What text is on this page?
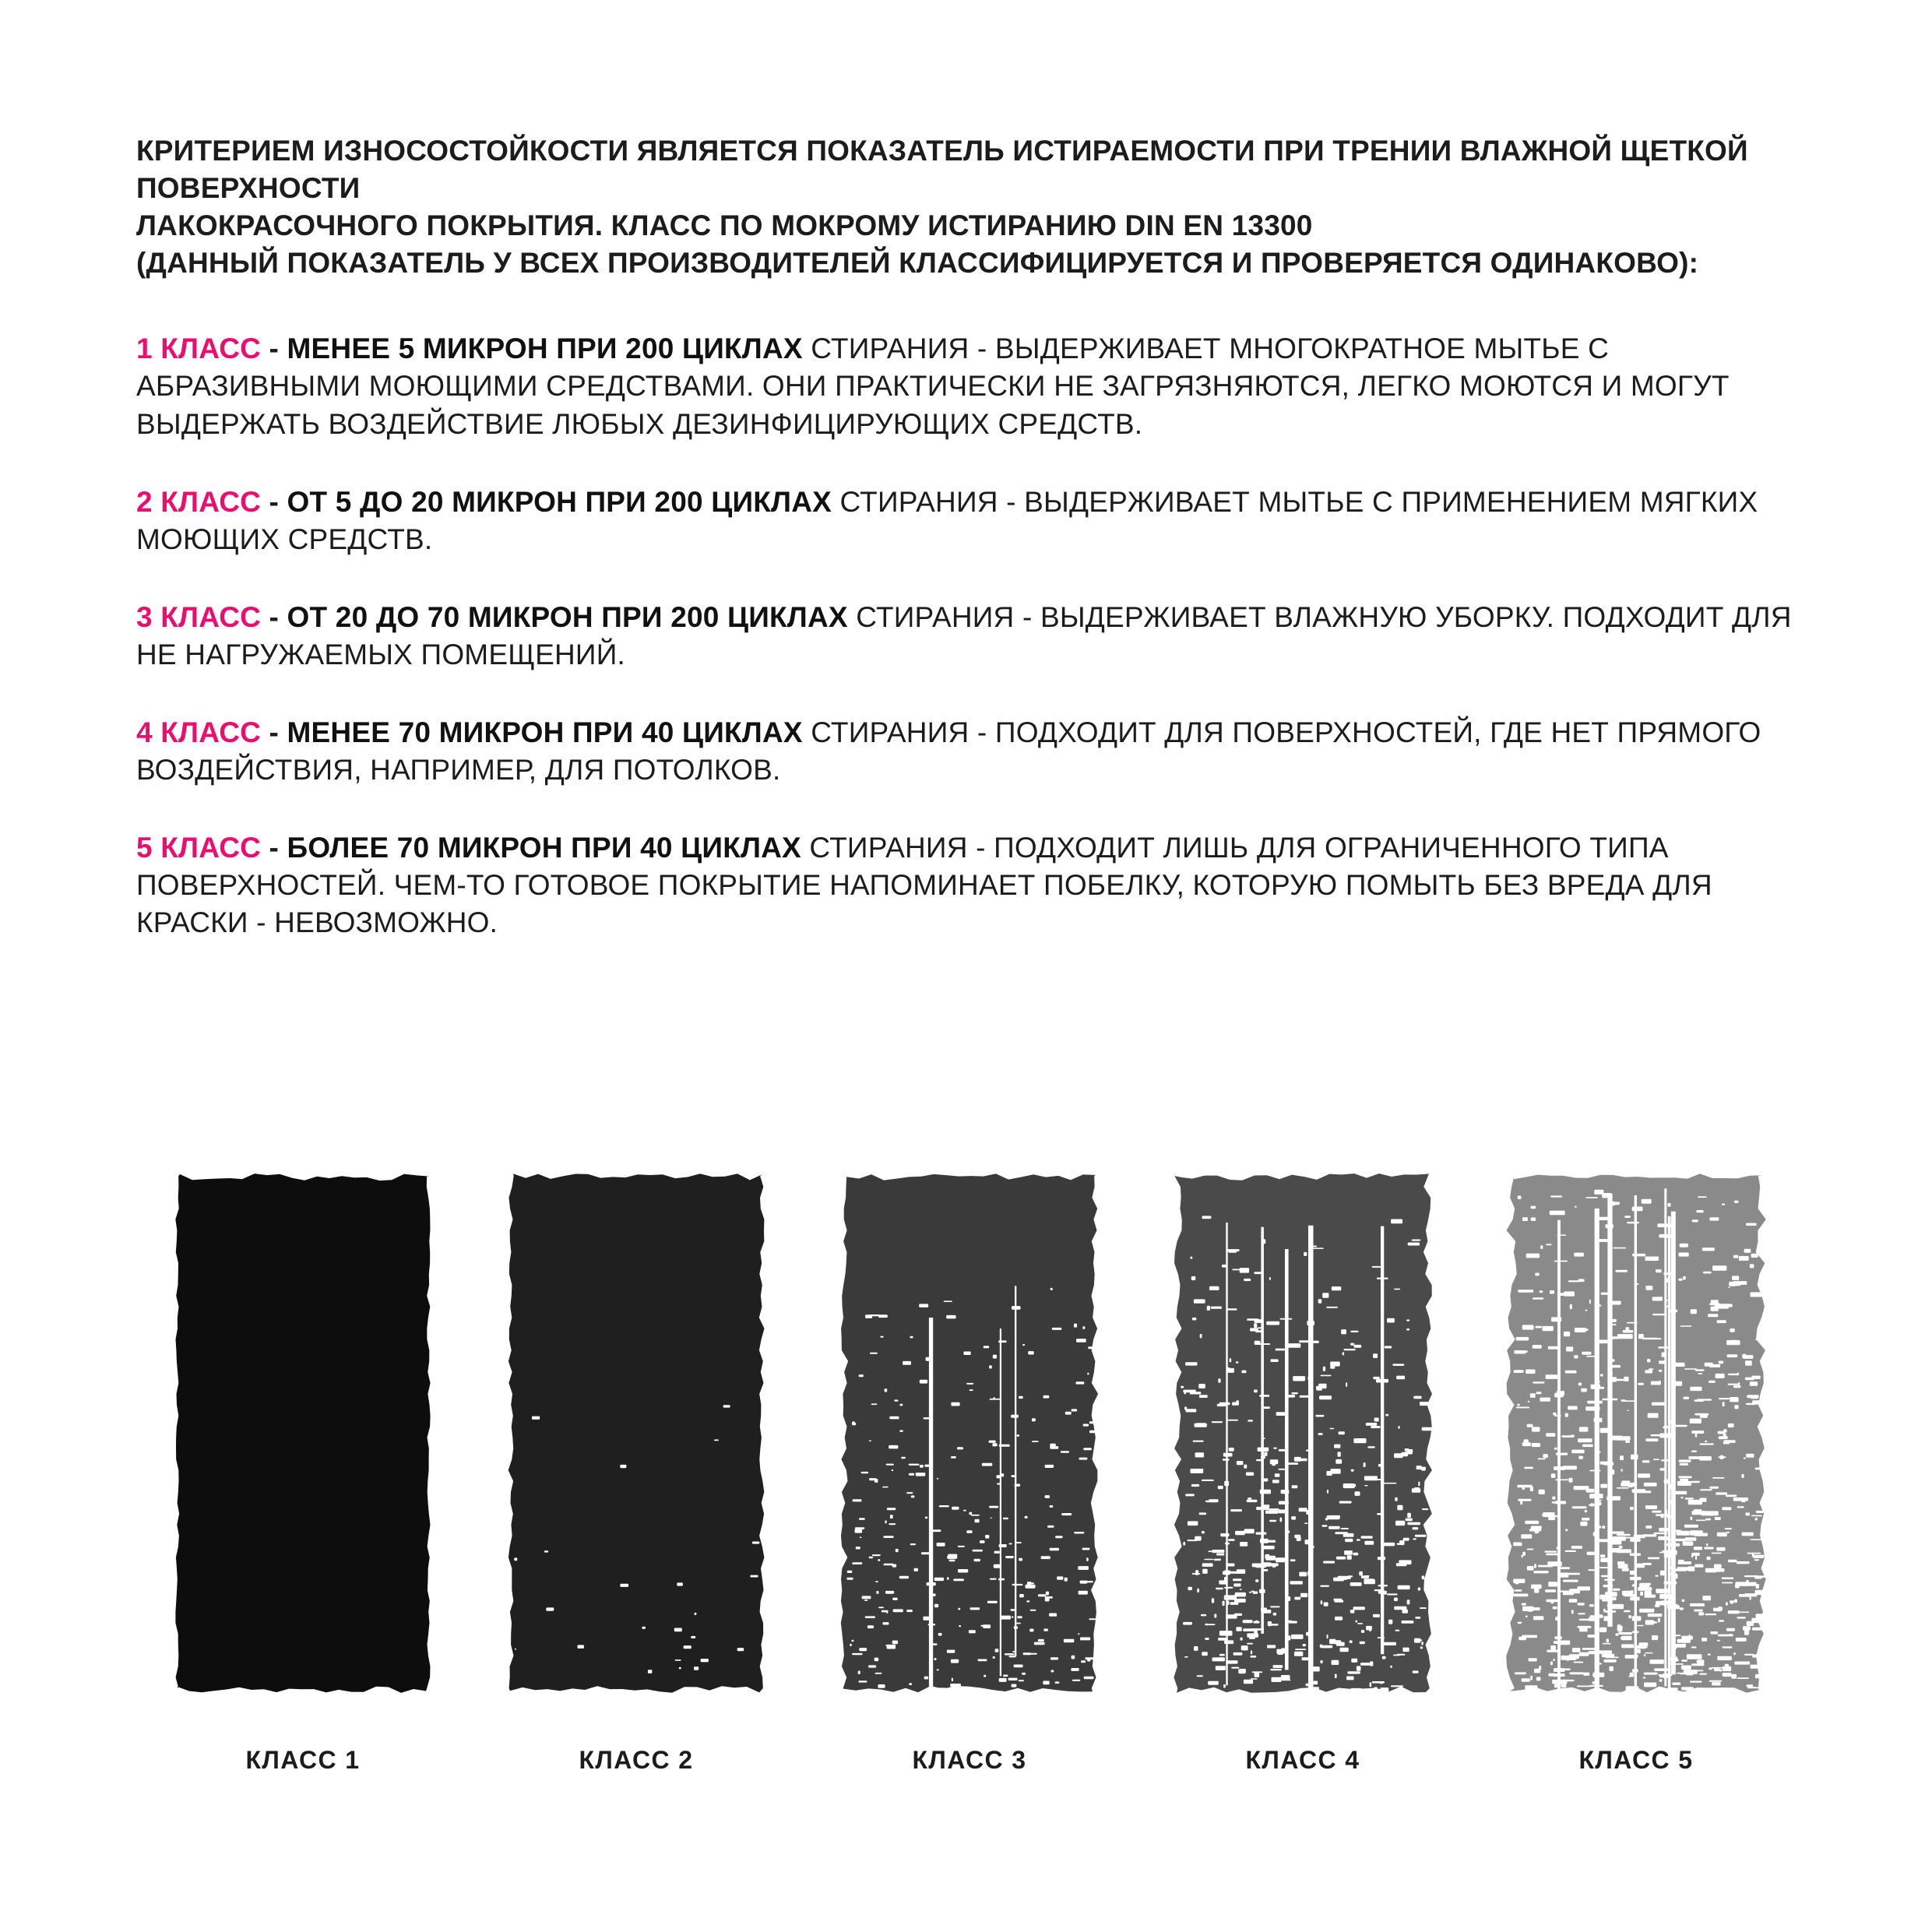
КРИТЕРИЕМ ИЗНОСОСТОЙКОСТИ ЯВЛЯЕТСЯ ПОКАЗАТЕЛЬ ИСТИРАЕМОСТИ ПРИ ТРЕНИИ ВЛАЖНОЙ ЩЕТКОЙ ПОВЕРХНОСТИ
ЛАКОКРАСОЧНОГО ПОКРЫТИЯ. КЛАСС ПО МОКРОМУ ИСТИРАНИЮ DIN EN 13300
(ДАННЫЙ ПОКАЗАТЕЛЬ У ВСЕХ ПРОИЗВОДИТЕЛЕЙ КЛАССИФИЦИРУЕТСЯ И ПРОВЕРЯЕТСЯ ОДИНАКОВО):

1 КЛАСС - МЕНЕЕ 5 МИКРОН ПРИ 200 ЦИКЛАХ СТИРАНИЯ - ВЫДЕРЖИВАЕТ МНОГОКРАТНОЕ МЫТЬЕ С АБРАЗИВНЫМИ МОЮЩИМИ СРЕДСТВАМИ. ОНИ ПРАКТИЧЕСКИ НЕ ЗАГРЯЗНЯЮТСЯ, ЛЕГКО МОЮТСЯ И МОГУТ ВЫДЕРЖАТЬ ВОЗДЕЙСТВИЕ ЛЮБЫХ ДЕЗИНФИЦИРУЮЩИХ СРЕДСТВ.

2 КЛАСС - ОТ 5 ДО 20 МИКРОН ПРИ 200 ЦИКЛАХ СТИРАНИЯ - ВЫДЕРЖИВАЕТ МЫТЬЕ С ПРИМЕНЕНИЕМ МЯГКИХ МОЮЩИХ СРЕДСТВ.

3 КЛАСС - ОТ 20 ДО 70 МИКРОН ПРИ 200 ЦИКЛАХ СТИРАНИЯ - ВЫДЕРЖИВАЕТ ВЛАЖНУЮ УБОРКУ. ПОДХОДИТ ДЛЯ НЕ НАГРУЖАЕМЫХ ПОМЕЩЕНИЙ.

4 КЛАСС - МЕНЕЕ 70 МИКРОН ПРИ 40 ЦИКЛАХ СТИРАНИЯ - ПОДХОДИТ ДЛЯ ПОВЕРХНОСТЕЙ, ГДЕ НЕТ ПРЯМОГО ВОЗДЕЙСТВИЯ, НАПРИМЕР, ДЛЯ ПОТОЛКОВ.

5 КЛАСС - БОЛЕЕ 70 МИКРОН ПРИ 40 ЦИКЛАХ СТИРАНИЯ - ПОДХОДИТ ЛИШЬ ДЛЯ ОГРАНИЧЕННОГО ТИПА ПОВЕРХНОСТЕЙ. ЧЕМ-ТО ГОТОВОЕ ПОКРЫТИЕ НАПОМИНАЕТ ПОБЕЛКУ, КОТОРУЮ ПОМЫТЬ БЕЗ ВРЕДА ДЛЯ КРАСКИ - НЕВОЗМОЖНО.

КЛАСС 1	КЛАСС 2	КЛАСС 3	КЛАСС 4	КЛАСС 5
